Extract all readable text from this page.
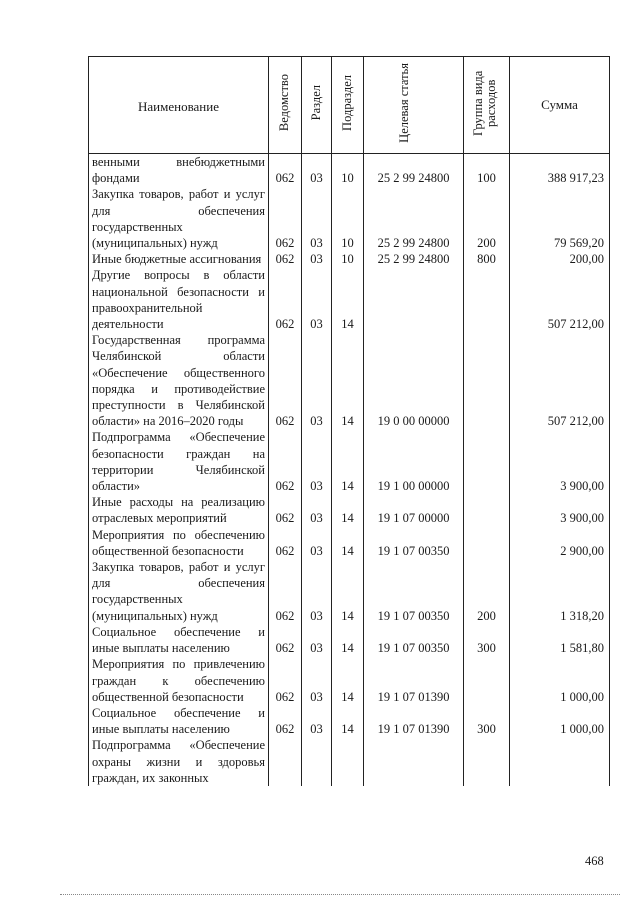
Наименование	Ведомство	Раздел	Подраздел	Целевая статья	Группа вида расходов	Сумма
венными внебюджетными фондами	062	03	10	25 2 99 24800	100	388 917,23
Закупка товаров, работ и услуг для обеспечения государственных (муниципальных) нужд	062	03	10	25 2 99 24800	200	79 569,20
Иные бюджетные ассигнования	062	03	10	25 2 99 24800	800	200,00
Другие вопросы в области национальной безопасности и правоохранительной деятельности	062	03	14			507 212,00
Государственная программа Челябинской области «Обеспечение общественного порядка и противодействие преступности в Челябинской области» на 2016–2020 годы	062	03	14	19 0 00 00000		507 212,00
Подпрограмма «Обеспечение безопасности граждан на территории Челябинской области»	062	03	14	19 1 00 00000		3 900,00
Иные расходы на реализацию отраслевых мероприятий	062	03	14	19 1 07 00000		3 900,00
Мероприятия по обеспечению общественной безопасности	062	03	14	19 1 07 00350		2 900,00
Закупка товаров, работ и услуг для обеспечения государственных (муниципальных) нужд	062	03	14	19 1 07 00350	200	1 318,20
Социальное обеспечение и иные выплаты населению	062	03	14	19 1 07 00350	300	1 581,80
Мероприятия по привлечению граждан к обеспечению общественной безопасности	062	03	14	19 1 07 01390		1 000,00
Социальное обеспечение и иные выплаты населению	062	03	14	19 1 07 01390	300	1 000,00
Подпрограмма «Обеспечение охраны жизни и здоровья граждан, их законных						
468
